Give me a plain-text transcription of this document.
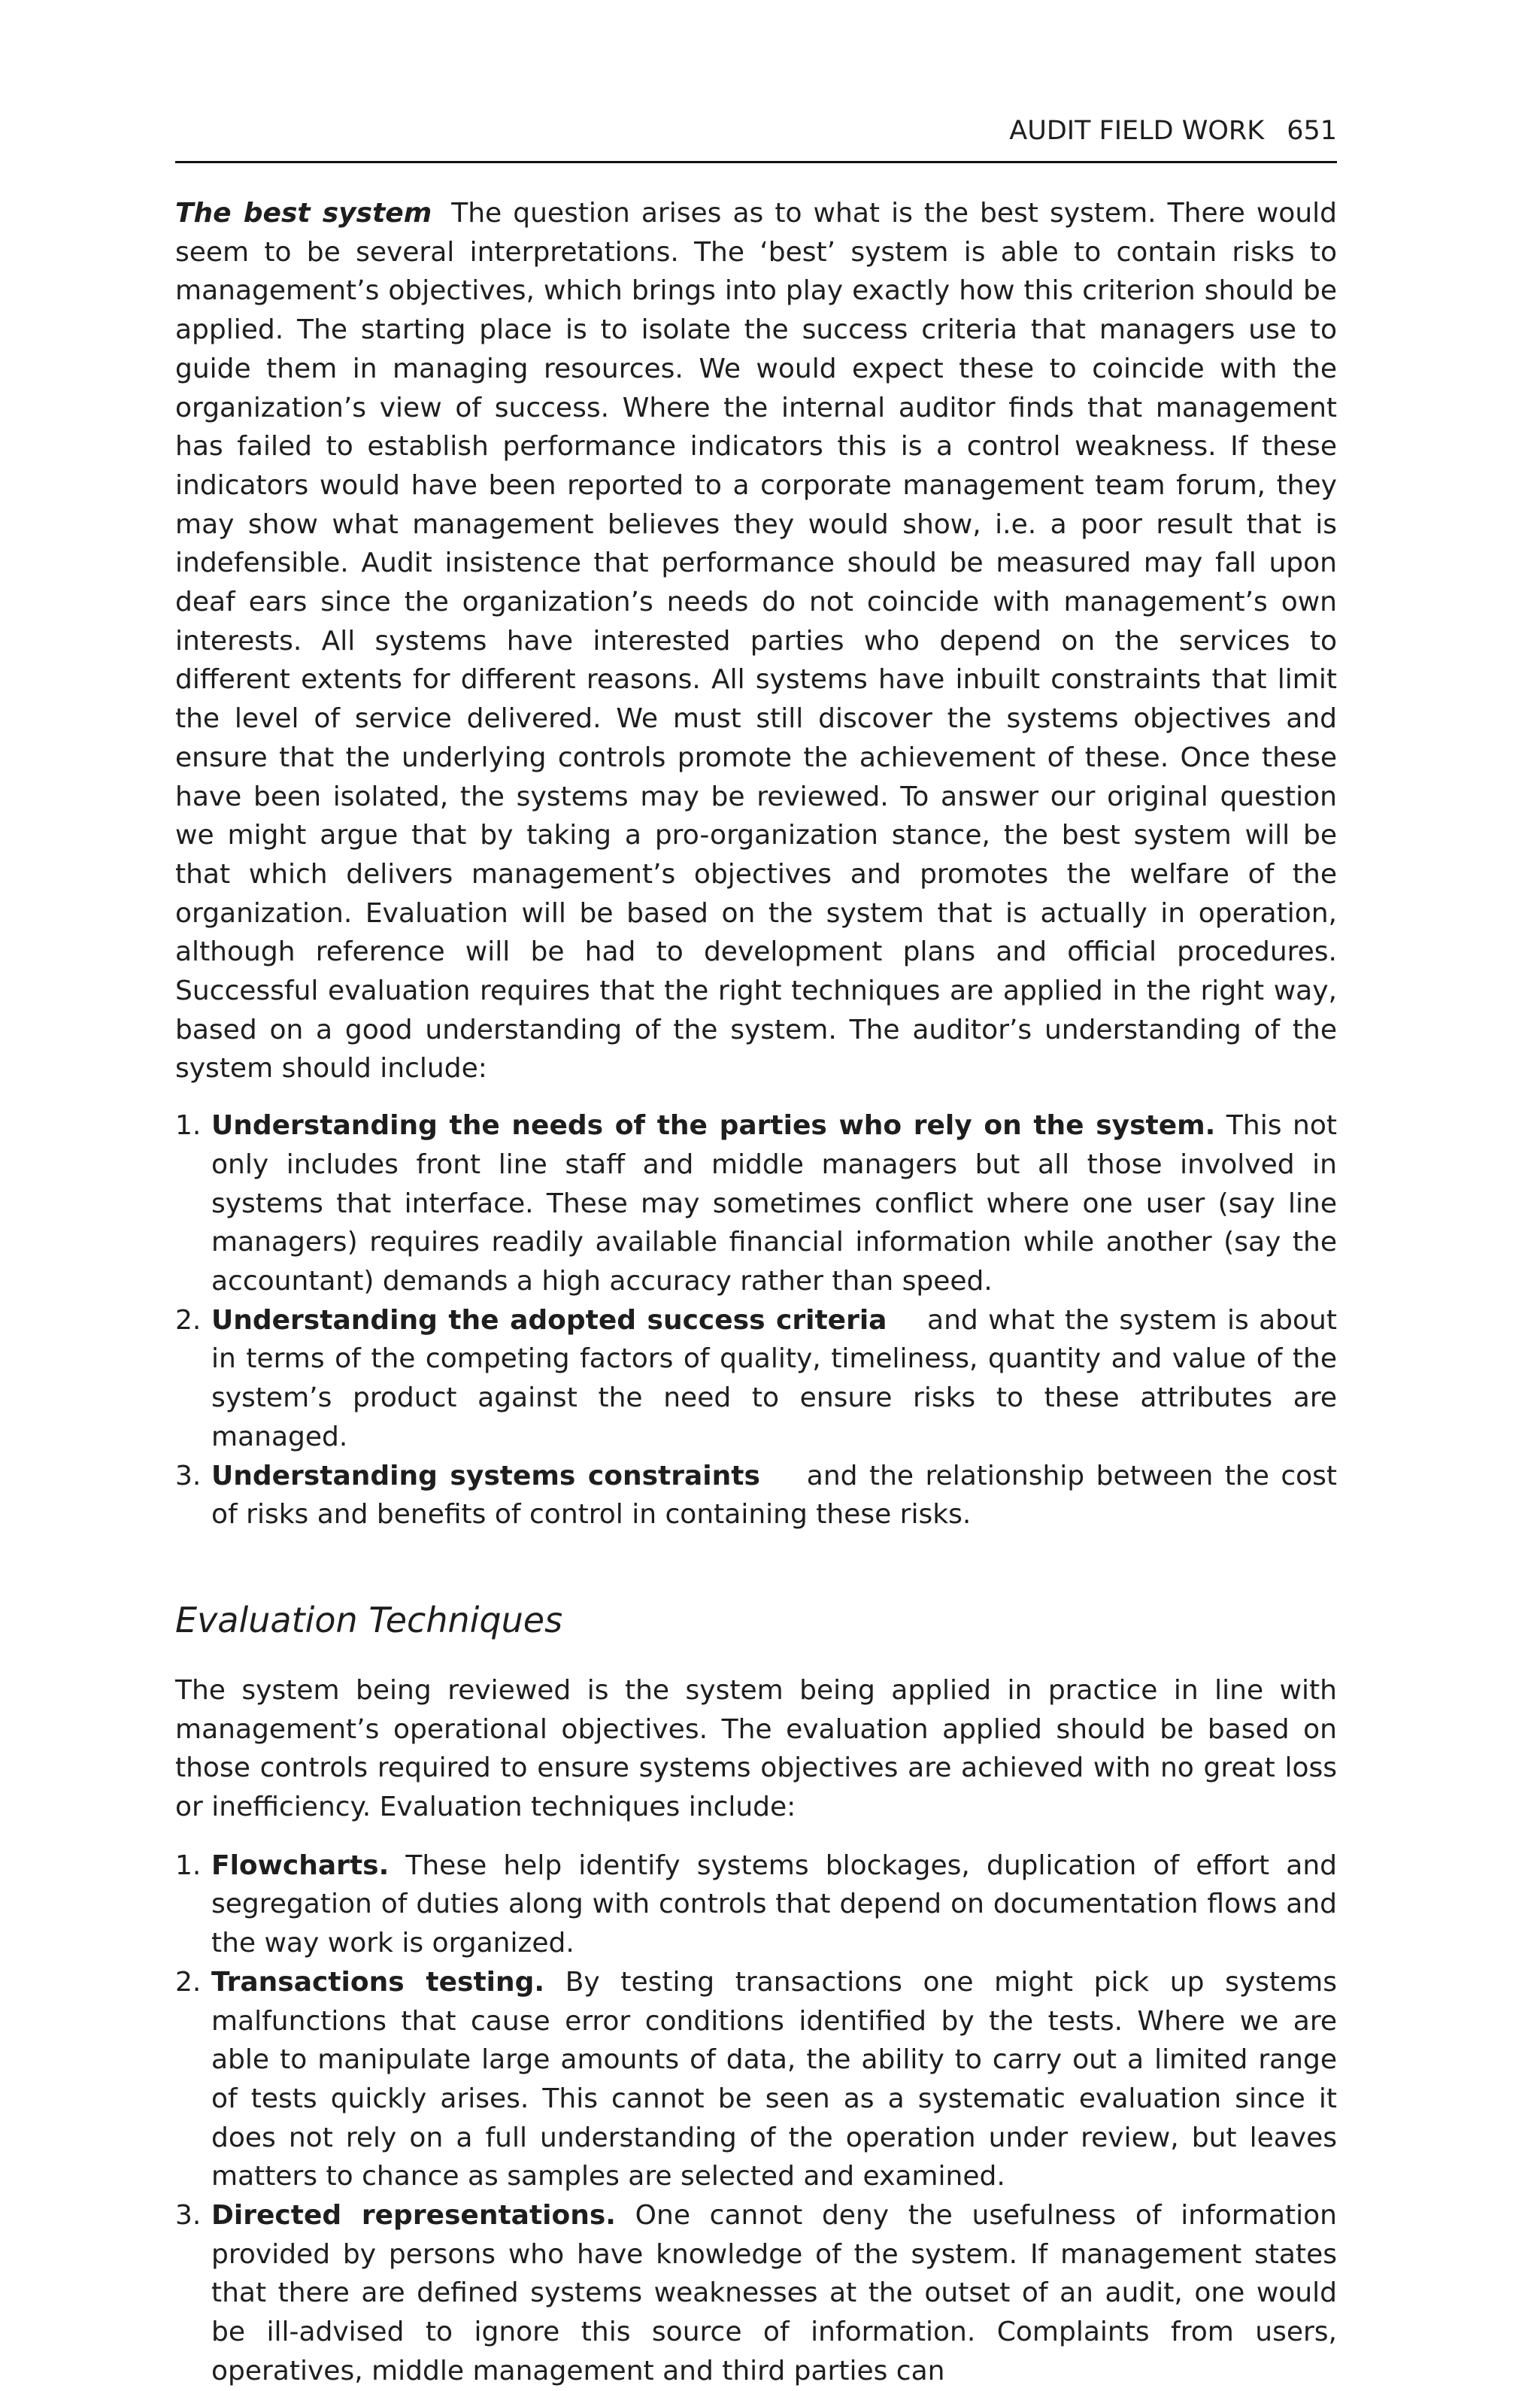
AUDIT FIELD WORK 651

The best system The question arises as to what is the best system. There would seem to be several interpretations. The ‘best’ system is able to contain risks to management’s objectives, which brings into play exactly how this criterion should be applied. The starting place is to isolate the success criteria that managers use to guide them in managing resources. We would expect these to coincide with the organization’s view of success. Where the internal auditor finds that management has failed to establish performance indicators this is a control weakness. If these indicators would have been reported to a corporate management team forum, they may show what management believes they would show, i.e. a poor result that is indefensible. Audit insistence that performance should be measured may fall upon deaf ears since the organization’s needs do not coincide with management’s own interests. All systems have interested parties who depend on the services to different extents for different reasons. All systems have inbuilt constraints that limit the level of service delivered. We must still discover the systems objectives and ensure that the underlying controls promote the achievement of these. Once these have been isolated, the systems may be reviewed. To answer our original question we might argue that by taking a pro-organization stance, the best system will be that which delivers management’s objectives and promotes the welfare of the organization. Evaluation will be based on the system that is actually in operation, although reference will be had to development plans and official procedures. Successful evaluation requires that the right techniques are applied in the right way, based on a good understanding of the system. The auditor’s understanding of the system should include:

1. Understanding the needs of the parties who rely on the system. This not only includes front line staff and middle managers but all those involved in systems that interface. These may sometimes conflict where one user (say line managers) requires readily available financial information while another (say the accountant) demands a high accuracy rather than speed.
2. Understanding the adopted success criteria and what the system is about in terms of the competing factors of quality, timeliness, quantity and value of the system’s product against the need to ensure risks to these attributes are managed.
3. Understanding systems constraints and the relationship between the cost of risks and benefits of control in containing these risks.
Evaluation Techniques

The system being reviewed is the system being applied in practice in line with management’s operational objectives. The evaluation applied should be based on those controls required to ensure systems objectives are achieved with no great loss or inefficiency. Evaluation techniques include:

1. Flowcharts. These help identify systems blockages, duplication of effort and segregation of duties along with controls that depend on documentation flows and the way work is organized.
2. Transactions testing. By testing transactions one might pick up systems malfunctions that cause error conditions identified by the tests. Where we are able to manipulate large amounts of data, the ability to carry out a limited range of tests quickly arises. This cannot be seen as a systematic evaluation since it does not rely on a full understanding of the operation under review, but leaves matters to chance as samples are selected and examined.
3. Directed representations. One cannot deny the usefulness of information provided by persons who have knowledge of the system. If management states that there are defined systems weaknesses at the outset of an audit, one would be ill-advised to ignore this source of information. Complaints from users, operatives, middle management and third parties can
